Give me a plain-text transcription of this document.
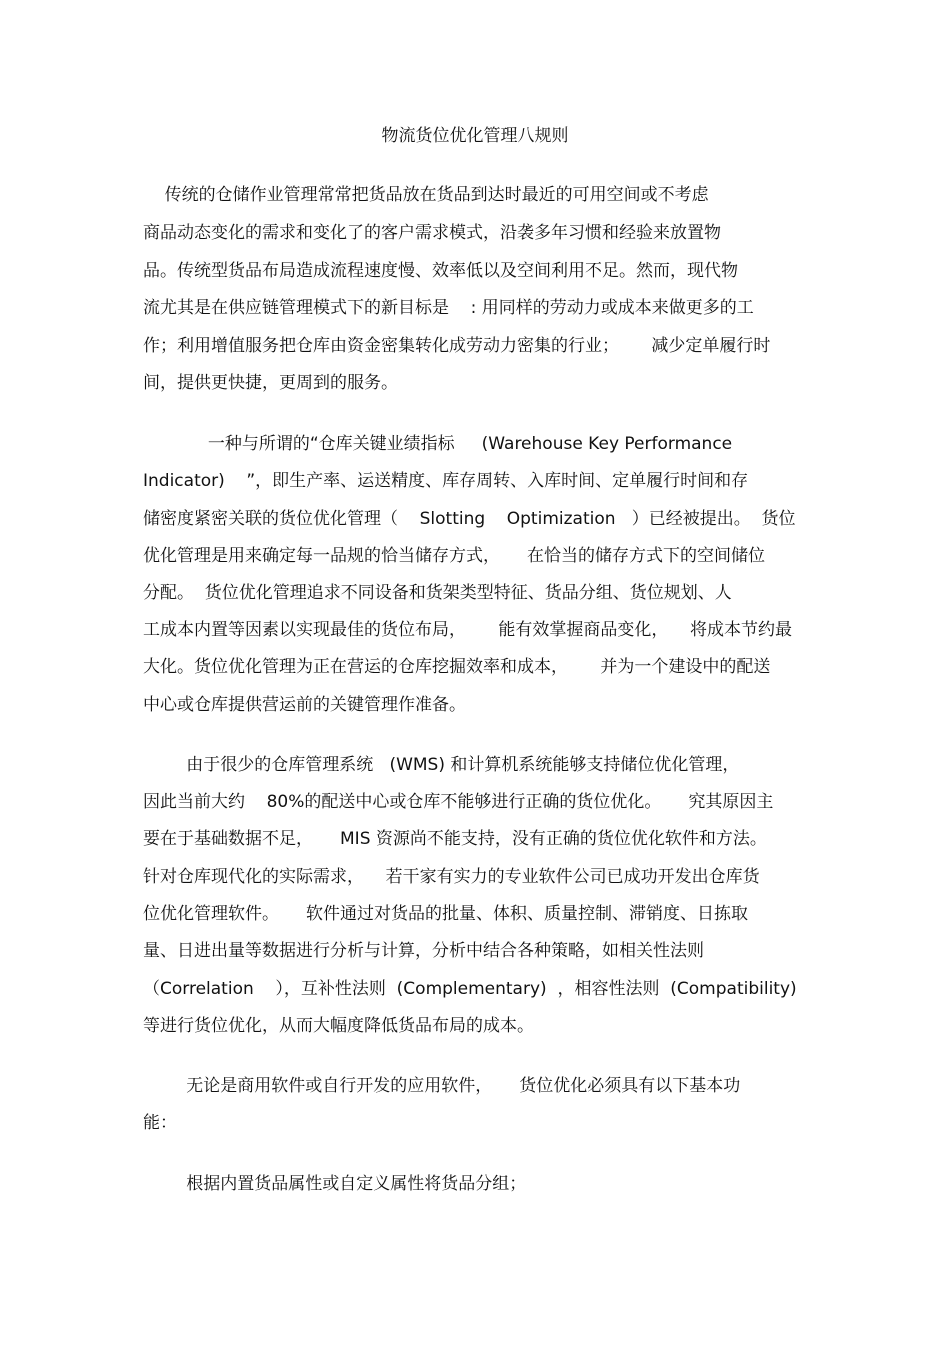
物流货位优化管理八规则
传统的仓储作业管理常常把货品放在货品到达时最近的可用空间或不考虑
商品动态变化的需求和变化了的客户需求模式，沿袭多年习惯和经验来放置物
品。传统型货品布局造成流程速度慢、效率低以及空间利用不足。然而，现代物
流尤其是在供应链管理模式下的新目标是    : 用同样的劳动力或成本来做更多的工
作；利用增值服务把仓库由资金密集转化成劳动力密集的行业；      减少定单履行时
间，提供更快捷，更周到的服务。
一种与所谓的“仓库关键业绩指标     (Warehouse Key Performance
Indicator)    ”，即生产率、运送精度、库存周转、入库时间、定单履行时间和存
储密度紧密关联的货位优化管理（    Slotting    Optimization   ）已经被提出。  货位
优化管理是用来确定每一品规的恰当储存方式，     在恰当的储存方式下的空间储位
分配。  货位优化管理追求不同设备和货架类型特征、货品分组、货位规划、人
工成本内置等因素以实现最佳的货位布局，      能有效掌握商品变化，    将成本节约最
大化。货位优化管理为正在营运的仓库挖掘效率和成本，      并为一个建设中的配送
中心或仓库提供营运前的关键管理作准备。
由于很少的仓库管理系统   (WMS) 和计算机系统能够支持储位优化管理，
因此当前大约    80%的配送中心或仓库不能够进行正确的货位优化。     究其原因主
要在于基础数据不足，     MIS 资源尚不能支持，没有正确的货位优化软件和方法。
针对仓库现代化的实际需求，    若干家有实力的专业软件公司已成功开发出仓库货
位优化管理软件。     软件通过对货品的批量、体积、质量控制、滞销度、日拣取
量、日进出量等数据进行分析与计算，分析中结合各种策略，如相关性法则
（Correlation    ），互补性法则  (Complementary)  ，相容性法则  (Compatibility)
等进行货位优化，从而大幅度降低货品布局的成本。
无论是商用软件或自行开发的应用软件，     货位优化必须具有以下基本功
能：
根据内置货品属性或自定义属性将货品分组；
